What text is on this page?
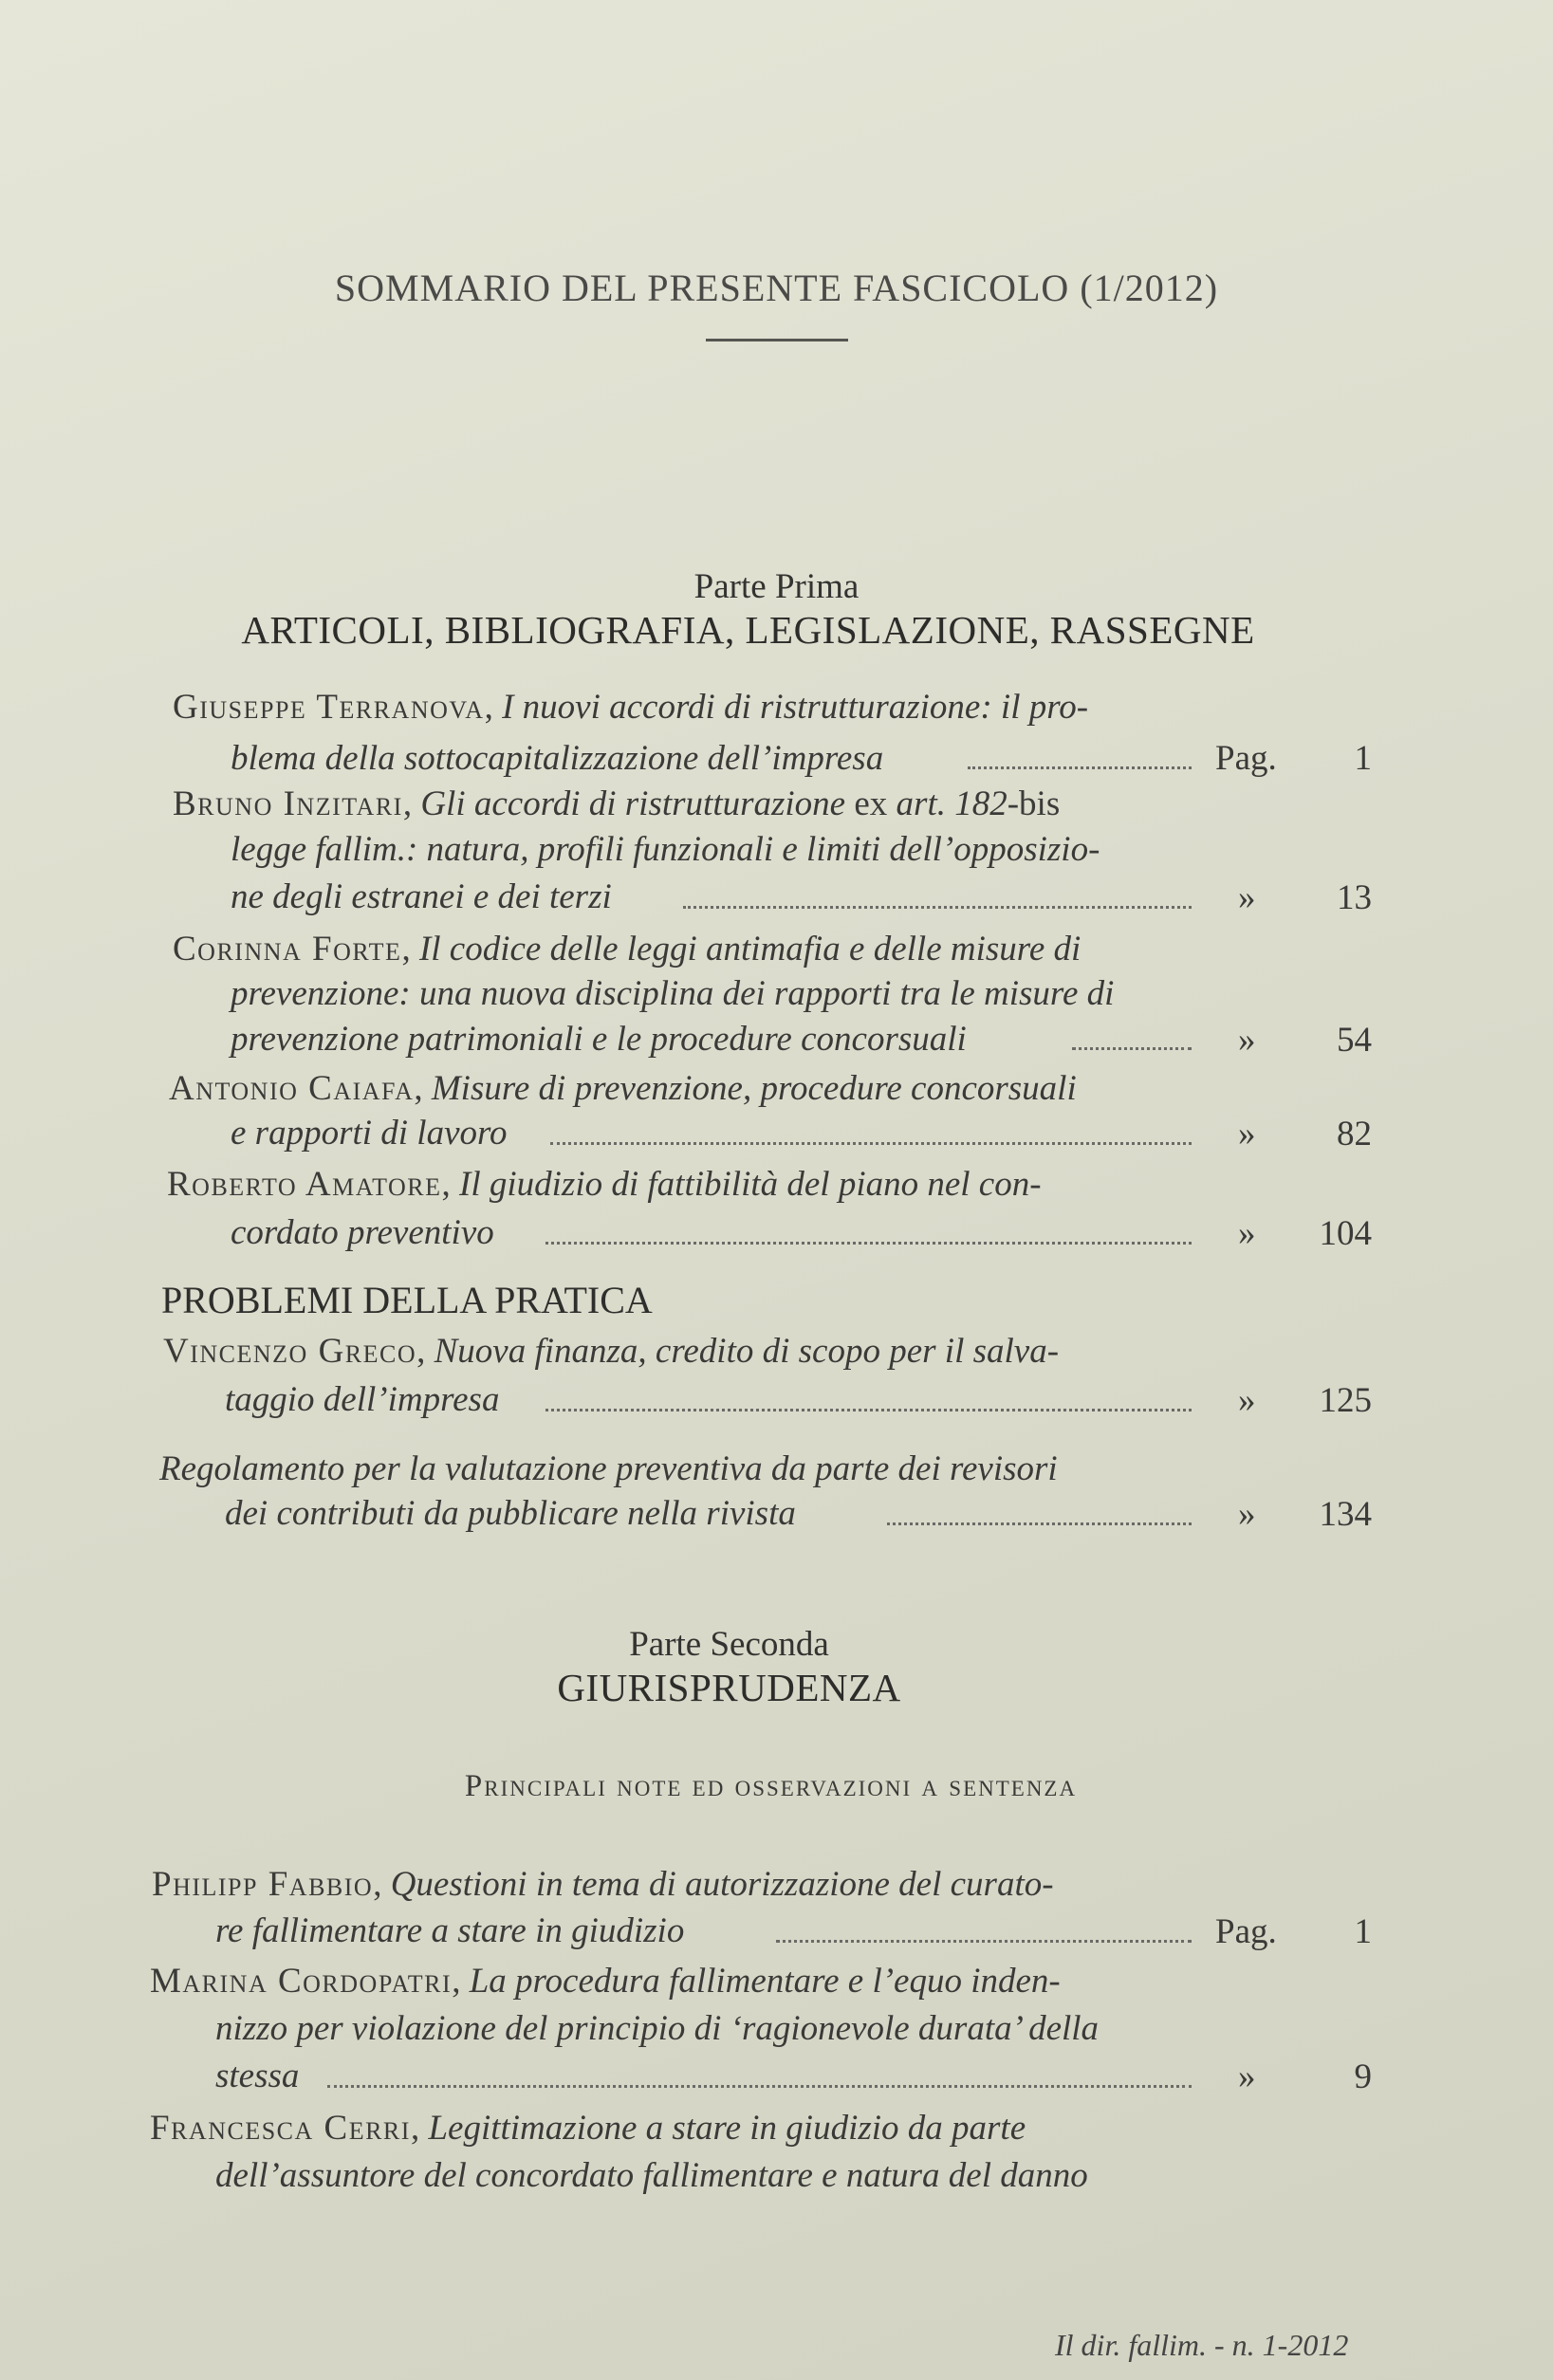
SOMMARIO DEL PRESENTE FASCICOLO (1/2012)
Parte Prima
ARTICOLI, BIBLIOGRAFIA, LEGISLAZIONE, RASSEGNE
Giuseppe Terranova, I nuovi accordi di ristrutturazione: il pro-
blema della sottocapitalizzazione dell’impresa	Pag.	1
Bruno Inzitari, Gli accordi di ristrutturazione ex art. 182-bis
legge fallim.: natura, profili funzionali e limiti dell’opposizio-
ne degli estranei e dei terzi	»	13
Corinna Forte, Il codice delle leggi antimafia e delle misure di
prevenzione: una nuova disciplina dei rapporti tra le misure di
prevenzione patrimoniali e le procedure concorsuali	»	54
Antonio Caiafa, Misure di prevenzione, procedure concorsuali
e rapporti di lavoro	»	82
Roberto Amatore, Il giudizio di fattibilità del piano nel con-
cordato preventivo	»	104
PROBLEMI DELLA PRATICA
Vincenzo Greco, Nuova finanza, credito di scopo per il salva-
taggio dell’impresa	»	125
Regolamento per la valutazione preventiva da parte dei revisori
dei contributi da pubblicare nella rivista	»	134
Parte Seconda
GIURISPRUDENZA
Principali note ed osservazioni a sentenza
Philipp Fabbio, Questioni in tema di autorizzazione del curato-
re fallimentare a stare in giudizio	Pag.	1
Marina Cordopatri, La procedura fallimentare e l’equo inden-
nizzo per violazione del principio di ‘ragionevole durata’ della
stessa	»	9
Francesca Cerri, Legittimazione a stare in giudizio da parte
dell’assuntore del concordato fallimentare e natura del danno
Il dir. fallim. - n. 1-2012
